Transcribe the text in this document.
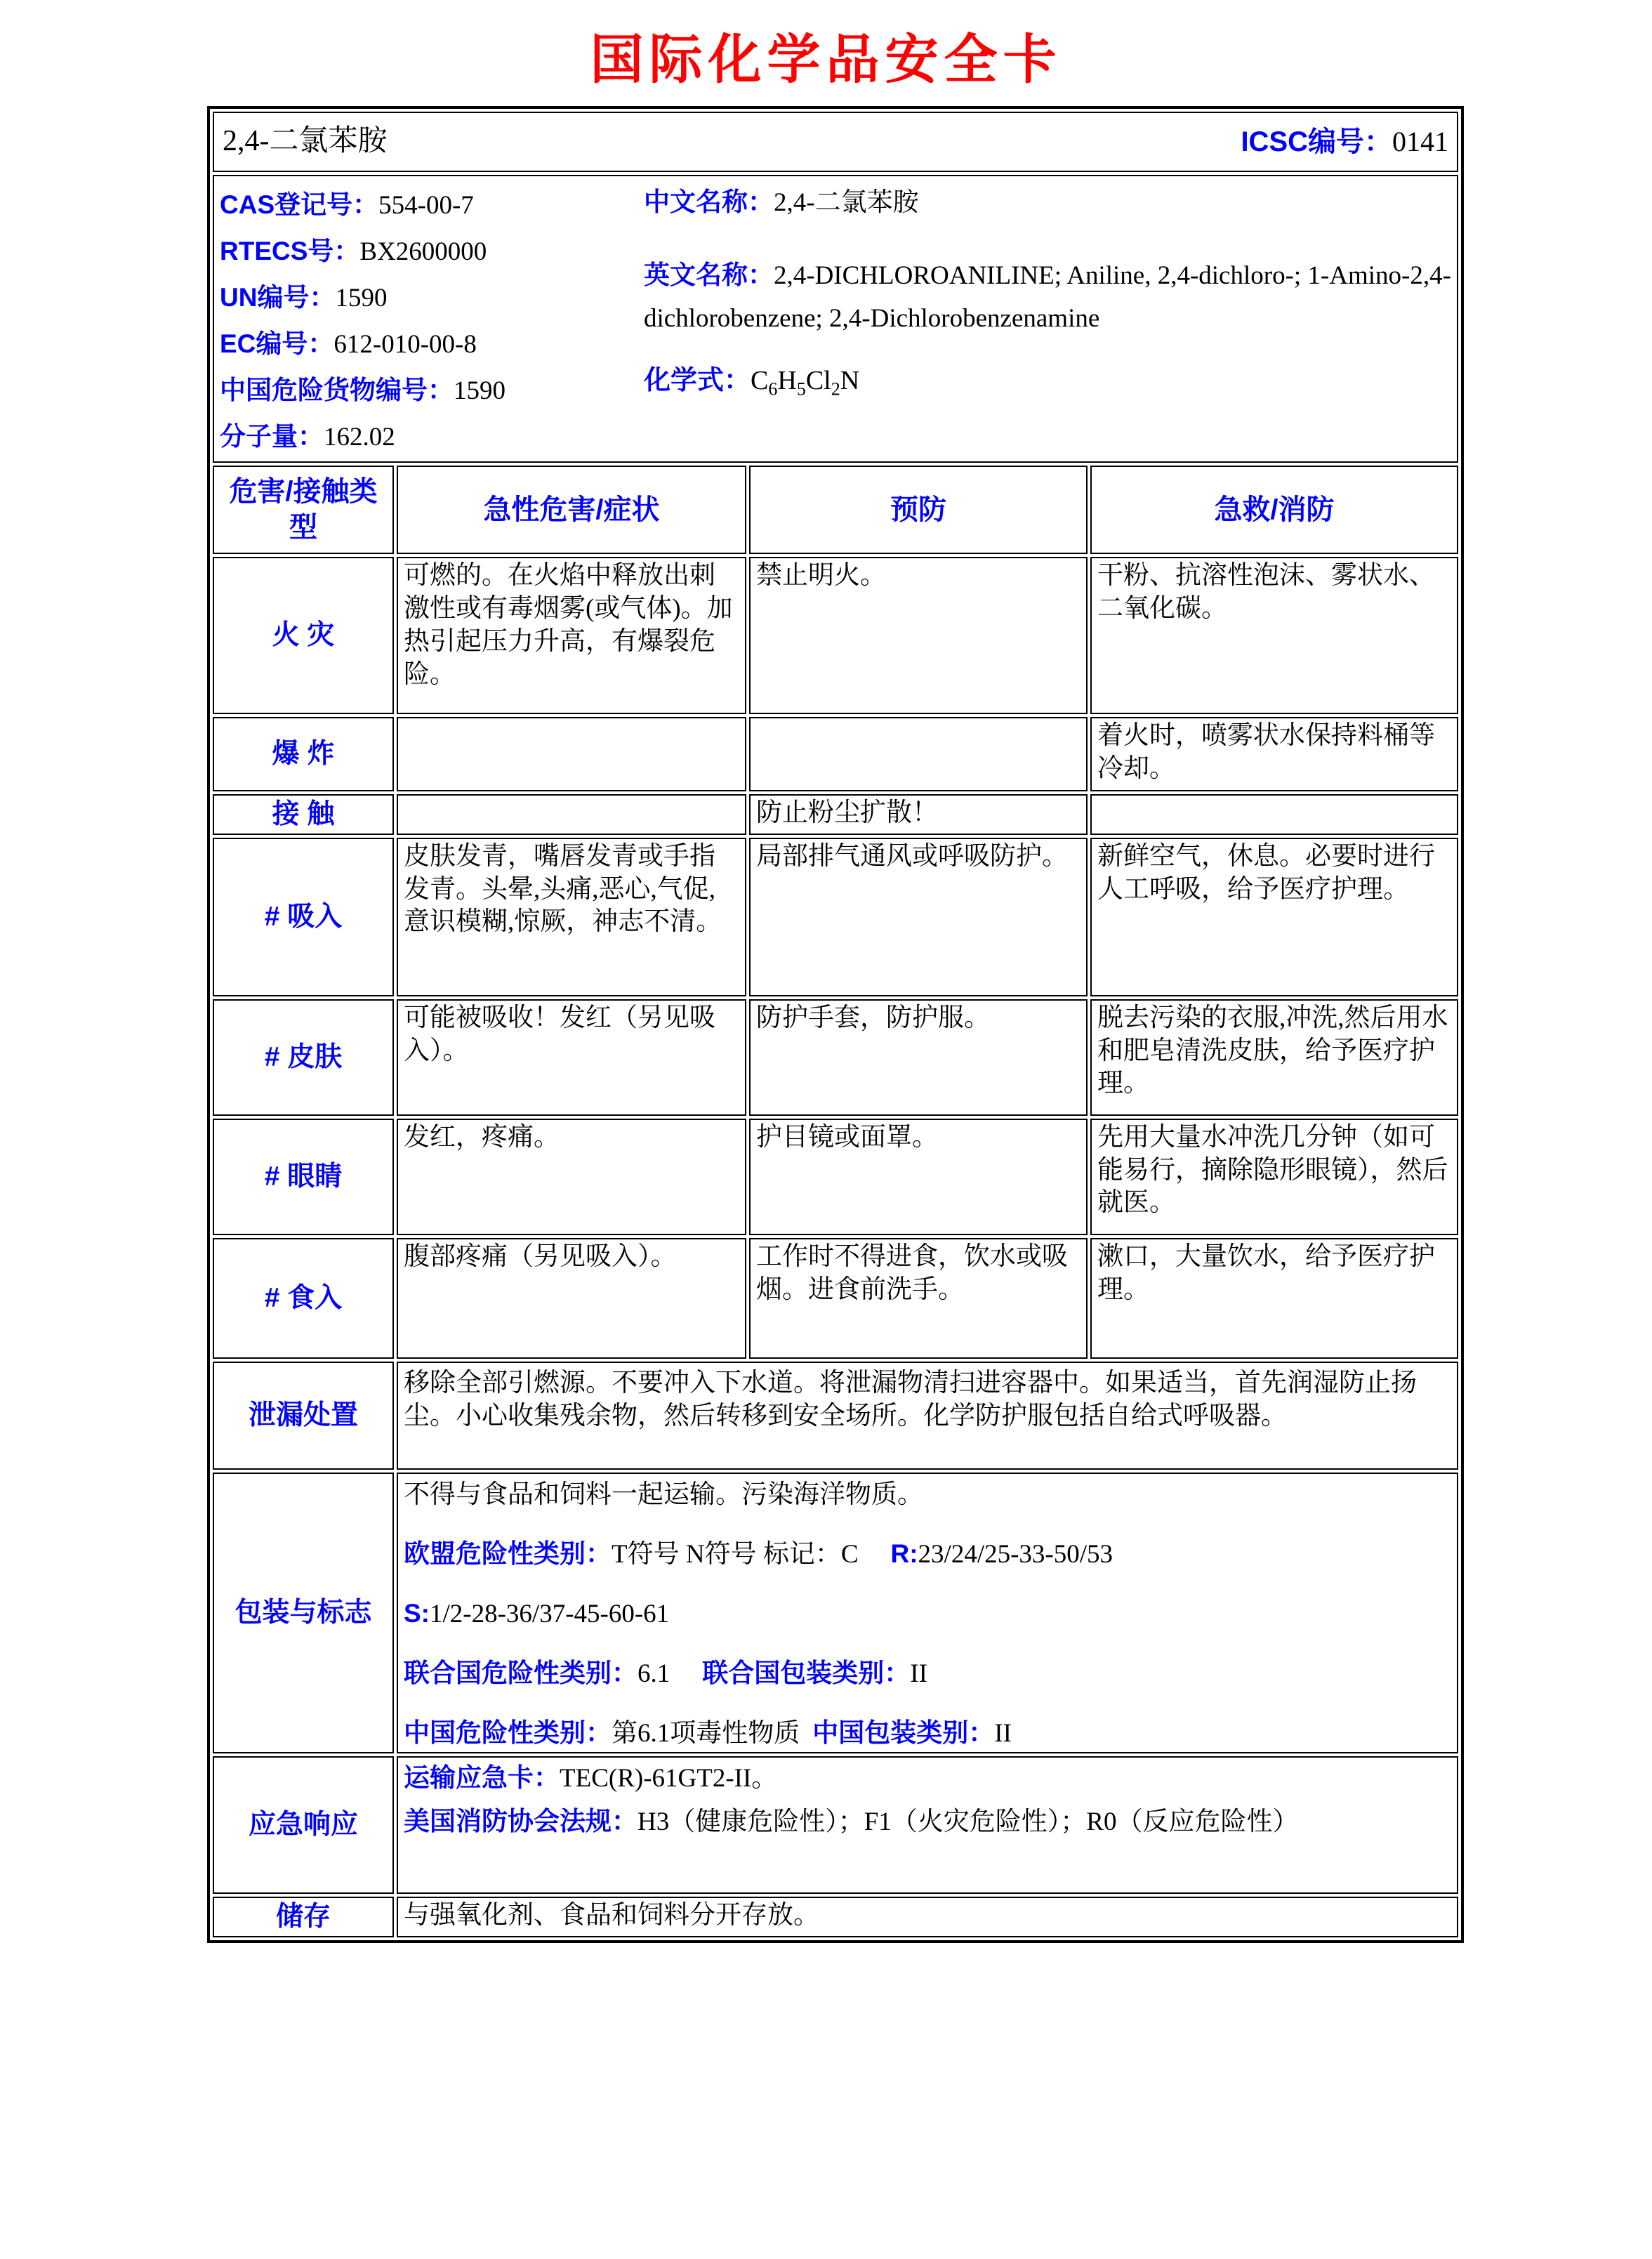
国际化学品安全卡
2,4-二氯苯胺 ICSC编号：0141			

CAS登记号：554-00-7
RTECS号：BX2600000
UN编号：1590
EC编号：612-010-00-8
中国危险货物编号：1590
分子量：162.02
中文名称：2,4-二氯苯胺
英文名称：2,4-DICHLOROANILINE; Aniline, 2,4-dichloro-; 1-Amino-2,4-dichlorobenzene; 2,4-Dichlorobenzenamine
化学式：$C_6H_5Cl_2N$

危害/接触类型	急性危害/症状	预防	急救/消防
火 灾	可燃的。在火焰中释放出刺激性或有毒烟雾(或气体)。加热引起压力升高，有爆裂危险。	禁止明火。	干粉、抗溶性泡沫、雾状水、二氧化碳。
爆 炸			着火时，喷雾状水保持料桶等冷却。
接 触		防止粉尘扩散！	
# 吸入	皮肤发青，嘴唇发青或手指发青。头晕,头痛,恶心,气促,意识模糊,惊厥，神志不清。	局部排气通风或呼吸防护。	新鲜空气，休息。必要时进行人工呼吸，给予医疗护理。
# 皮肤	可能被吸收！发红（另见吸入）。	防护手套，防护服。	脱去污染的衣服,冲洗,然后用水和肥皂清洗皮肤，给予医疗护理。
# 眼睛	发红，疼痛。	护目镜或面罩。	先用大量水冲洗几分钟（如可能易行，摘除隐形眼镜），然后就医。
# 食入	腹部疼痛（另见吸入）。	工作时不得进食，饮水或吸烟。进食前洗手。	漱口，大量饮水，给予医疗护理。
泄漏处置	移除全部引燃源。不要冲入下水道。将泄漏物清扫进容器中。如果适当，首先润湿防止扬尘。小心收集残余物，然后转移到安全场所。化学防护服包括自给式呼吸器。		
包装与标志	不得与食品和饲料一起运输。污染海洋物质。
欧盟危险性类别：T符号 N符号 标记：C R:23/24/25-33-50/53
S:1/2-28-36/37-45-60-61
联合国危险性类别：6.1 联合国包装类别：II
中国危险性类别：第6.1项毒性物质 中国包装类别：II		

应急响应	运输应急卡：TEC(R)-61GT2-II。
美国消防协会法规：H3（健康危险性）；F1（火灾危险性）；R0（反应危险性）		

储存	与强氧化剂、食品和饲料分开存放。		
